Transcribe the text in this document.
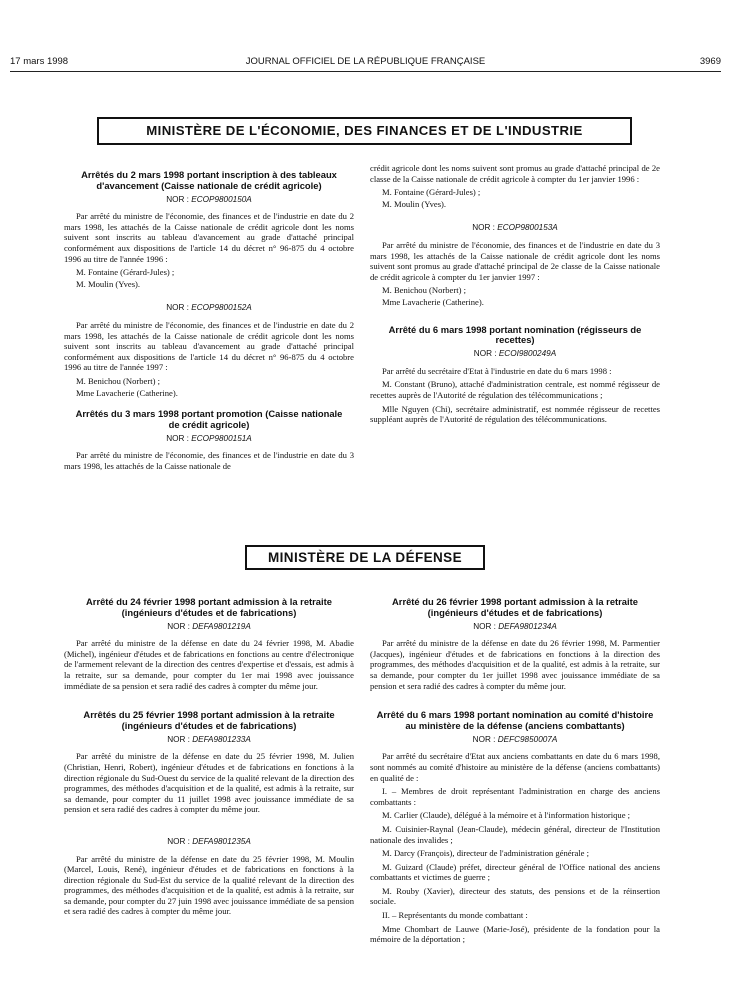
17 mars 1998	JOURNAL OFFICIEL DE LA RÉPUBLIQUE FRANÇAISE	3969
MINISTÈRE DE L'ÉCONOMIE, DES FINANCES ET DE L'INDUSTRIE
Arrêtés du 2 mars 1998 portant inscription à des tableaux d'avancement (Caisse nationale de crédit agricole)
NOR : ECOP9800150A

Par arrêté du ministre de l'économie, des finances et de l'industrie en date du 2 mars 1998, les attachés de la Caisse nationale de crédit agricole dont les noms suivent sont inscrits au tableau d'avancement au grade d'attaché principal conformément aux dispositions de l'article 14 du décret n° 96-875 du 4 octobre 1996 au titre de l'année 1996 :

M. Fontaine (Gérard-Jules) ;

M. Moulin (Yves).

NOR : ECOP9800152A

Par arrêté du ministre de l'économie, des finances et de l'industrie en date du 2 mars 1998, les attachés de la Caisse nationale de crédit agricole dont les noms suivent sont inscrits au tableau d'avancement au grade d'attaché principal conformément aux dispositions de l'article 14 du décret n° 96-875 du 4 octobre 1996 au titre de l'année 1997 :

M. Benichou (Norbert) ;

Mme Lavacherie (Catherine).

Arrêtés du 3 mars 1998 portant promotion (Caisse nationale de crédit agricole)
NOR : ECOP9800151A

Par arrêté du ministre de l'économie, des finances et de l'industrie en date du 3 mars 1998, les attachés de la Caisse nationale de

crédit agricole dont les noms suivent sont promus au grade d'attaché principal de 2e classe de la Caisse nationale de crédit agricole à compter du 1er janvier 1996 :

M. Fontaine (Gérard-Jules) ;

M. Moulin (Yves).

NOR : ECOP9800153A

Par arrêté du ministre de l'économie, des finances et de l'industrie en date du 3 mars 1998, les attachés de la Caisse nationale de crédit agricole dont les noms suivent sont promus au grade d'attaché principal de 2e classe de la Caisse nationale de crédit agricole à compter du 1er janvier 1997 :

M. Benichou (Norbert) ;

Mme Lavacherie (Catherine).

Arrêté du 6 mars 1998 portant nomination (régisseurs de recettes)
NOR : ECOI9800249A

Par arrêté du secrétaire d'Etat à l'industrie en date du 6 mars 1998 :

M. Constant (Bruno), attaché d'administration centrale, est nommé régisseur de recettes auprès de l'Autorité de régulation des télécommunications ;

Mlle Nguyen (Chi), secrétaire administratif, est nommée régisseur de recettes suppléant auprès de l'Autorité de régulation des télécommunications.

MINISTÈRE DE LA DÉFENSE
Arrêté du 24 février 1998 portant admission à la retraite (ingénieurs d'études et de fabrications)
NOR : DEFA9801219A

Par arrêté du ministre de la défense en date du 24 février 1998, M. Abadie (Michel), ingénieur d'études et de fabrications en fonctions au centre d'électronique de l'armement relevant de la direction des centres d'expertise et d'essais, est admis à la retraite, sur sa demande, pour compter du 1er mai 1998 avec jouissance immédiate de sa pension et sera radié des cadres à compter du même jour.

Arrêtés du 25 février 1998 portant admission à la retraite (ingénieurs d'études et de fabrications)
NOR : DEFA9801233A

Par arrêté du ministre de la défense en date du 25 février 1998, M. Julien (Christian, Henri, Robert), ingénieur d'études et de fabrications en fonctions à la direction régionale du Sud-Ouest du service de la qualité relevant de la direction des programmes, des méthodes d'acquisition et de la qualité, est admis à la retraite, sur sa demande, pour compter du 11 juillet 1998 avec jouissance immédiate de sa pension et sera radié des cadres à compter du même jour.

NOR : DEFA9801235A

Par arrêté du ministre de la défense en date du 25 février 1998, M. Moulin (Marcel, Louis, René), ingénieur d'études et de fabrications en fonctions à la direction régionale du Sud-Est du service de la qualité relevant de la direction des programmes, des méthodes d'acquisition et de la qualité, est admis à la retraite, sur sa demande, pour compter du 27 juin 1998 avec jouissance immédiate de sa pension et sera radié des cadres à compter du même jour.

Arrêté du 26 février 1998 portant admission à la retraite (ingénieurs d'études et de fabrications)
NOR : DEFA9801234A

Par arrêté du ministre de la défense en date du 26 février 1998, M. Parmentier (Jacques), ingénieur d'études et de fabrications en fonctions à la direction des programmes, des méthodes d'acquisition et de la qualité, est admis à la retraite, sur sa demande, pour compter du 1er juillet 1998 avec jouissance immédiate de sa pension et sera radié des cadres à compter du même jour.

Arrêté du 6 mars 1998 portant nomination au comité d'histoire au ministère de la défense (anciens combattants)
NOR : DEFC9850007A

Par arrêté du secrétaire d'Etat aux anciens combattants en date du 6 mars 1998, sont nommés au comité d'histoire au ministère de la défense (anciens combattants) en qualité de :

I. – Membres de droit représentant l'administration en charge des anciens combattants :

M. Carlier (Claude), délégué à la mémoire et à l'information historique ;

M. Cuisinier-Raynal (Jean-Claude), médecin général, directeur de l'Institution nationale des invalides ;

M. Darcy (François), directeur de l'administration générale ;

M. Guizard (Claude) préfet, directeur général de l'Office national des anciens combattants et victimes de guerre ;

M. Rouby (Xavier), directeur des statuts, des pensions et de la réinsertion sociale.

II. – Représentants du monde combattant :

Mme Chombart de Lauwe (Marie-José), présidente de la fondation pour la mémoire de la déportation ;
